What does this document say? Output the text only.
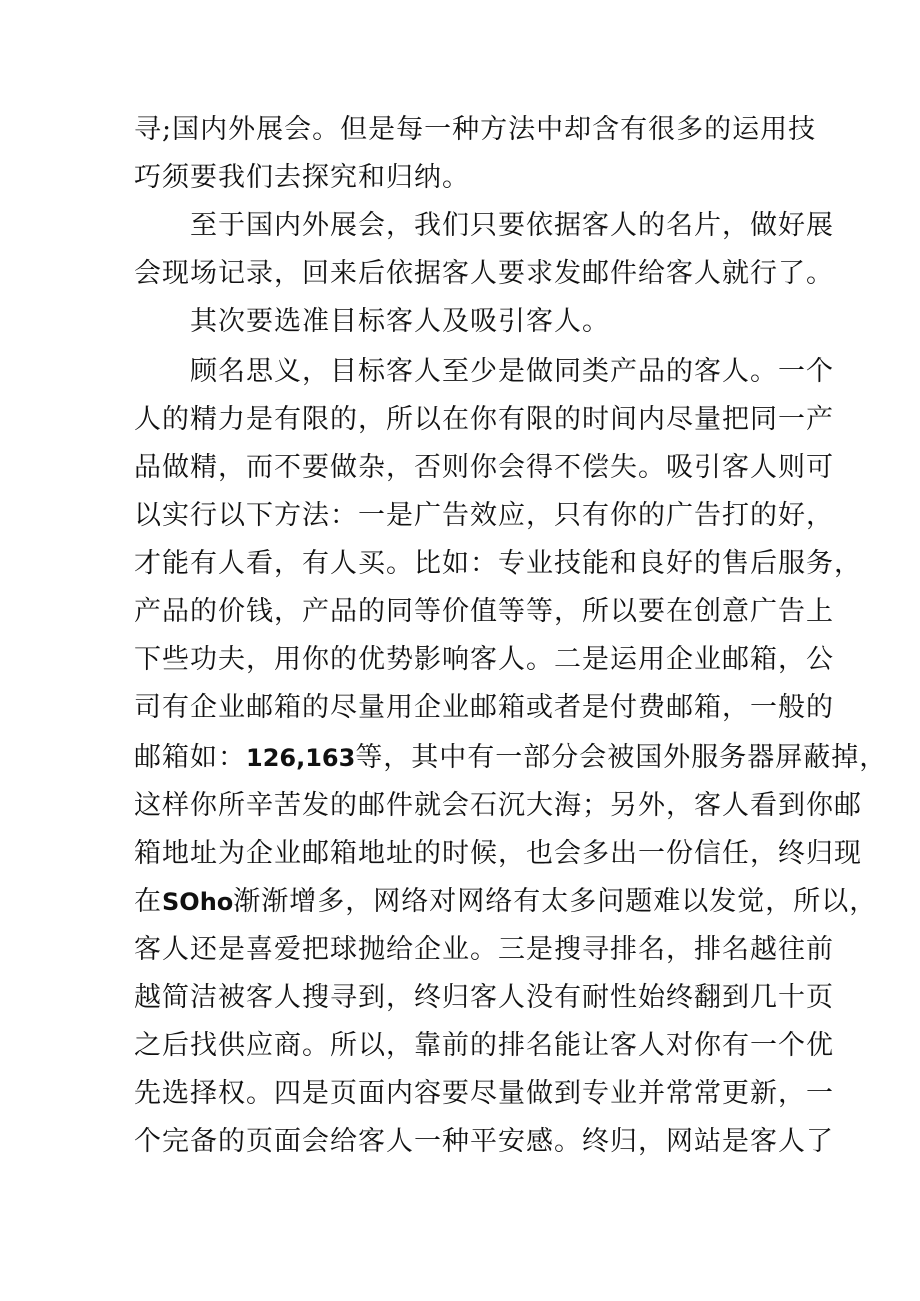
寻;国内外展会。但是每一种方法中却含有很多的运用技
巧须要我们去探究和归纳。
至于国内外展会，我们只要依据客人的名片，做好展
会现场记录，回来后依据客人要求发邮件给客人就行了。
其次要选准目标客人及吸引客人。
顾名思义，目标客人至少是做同类产品的客人。一个
人的精力是有限的，所以在你有限的时间内尽量把同一产
品做精，而不要做杂，否则你会得不偿失。吸引客人则可
以实行以下方法：一是广告效应，只有你的广告打的好，
才能有人看，有人买。比如：专业技能和良好的售后服务，
产品的价钱，产品的同等价值等等，所以要在创意广告上
下些功夫，用你的优势影响客人。二是运用企业邮箱，公
司有企业邮箱的尽量用企业邮箱或者是付费邮箱，一般的
邮箱如：126,163等，其中有一部分会被国外服务器屏蔽掉，
这样你所辛苦发的邮件就会石沉大海；另外，客人看到你邮
箱地址为企业邮箱地址的时候，也会多出一份信任，终归现
在SOho渐渐增多，网络对网络有太多问题难以发觉，所以，
客人还是喜爱把球抛给企业。三是搜寻排名，排名越往前
越简洁被客人搜寻到，终归客人没有耐性始终翻到几十页
之后找供应商。所以，靠前的排名能让客人对你有一个优
先选择权。四是页面内容要尽量做到专业并常常更新，一
个完备的页面会给客人一种平安感。终归，网站是客人了
